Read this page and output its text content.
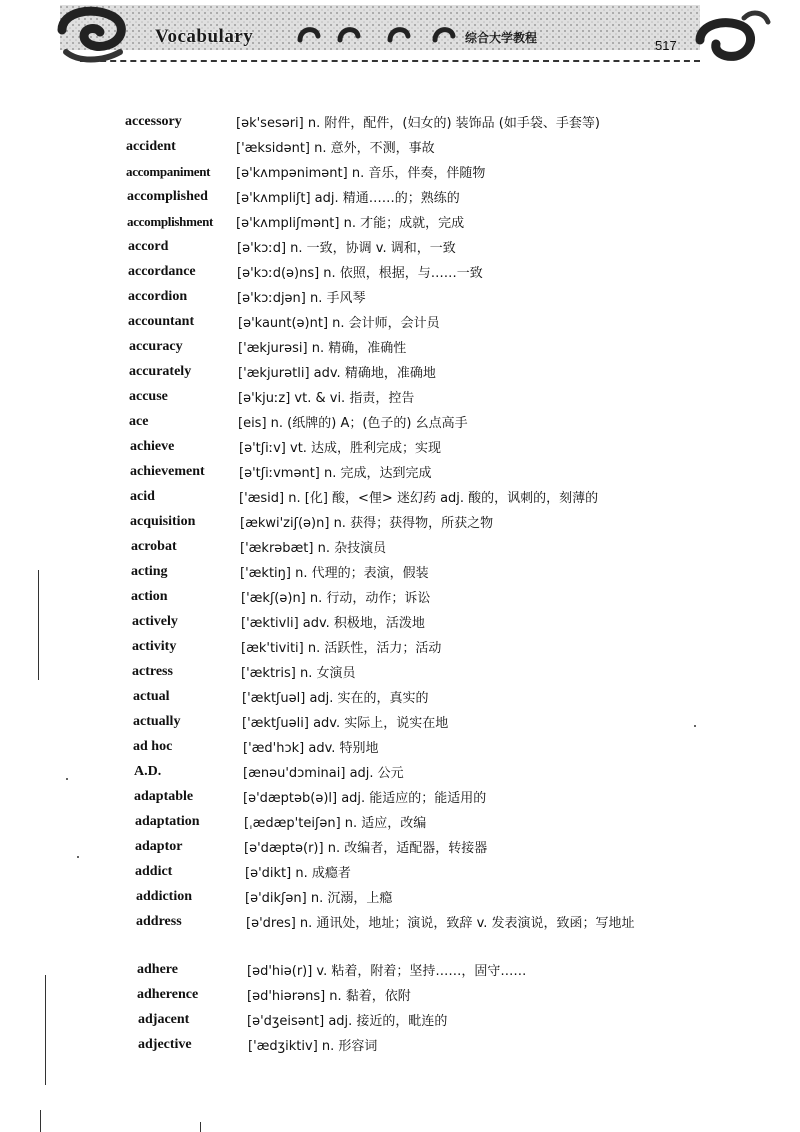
Vocabulary	综合大学教程	517
accessory	[ək'sesəri] n. 附件，配件，(妇女的) 装饰品 (如手袋、手套等)
accident	['æksidənt] n. 意外，不测，事故
accompaniment [ə'kʌmpənimənt] n. 音乐，伴奏，伴随物
accomplished [ə'kʌmpliʃt] adj. 精通……的；熟练的
accomplishment [ə'kʌmpliʃmənt] n. 才能；成就，完成
accord	[ə'kɔːd] n. 一致，协调 v. 调和，一致
accordance	[ə'kɔːd(ə)ns] n. 依照，根据，与……一致
accordion	[ə'kɔːdjən] n. 手风琴
accountant	[ə'kaunt(ə)nt] n. 会计师，会计员
accuracy	['ækjurəsi] n. 精确，准确性
accurately	['ækjurətli] adv. 精确地，准确地
accuse	[ə'kjuːz] vt. & vi. 指责，控告
ace	[eis] n. (纸牌的) A；(色子的) 幺点高手
achieve	[ə'tʃiːv] vt. 达成，胜利完成；实现
achievement	[ə'tʃiːvmənt] n. 完成，达到完成
acid	['æsid] n. [化] 酸，<俚> 迷幻药 adj. 酸的，讽刺的，刻薄的
acquisition	[ækwi'ziʃ(ə)n] n. 获得；获得物，所获之物
acrobat	['ækrəbæt] n. 杂技演员
acting	['æktiŋ] n. 代理的；表演，假装
action	['ækʃ(ə)n] n. 行动，动作；诉讼
actively	['æktivli] adv. 积极地，活泼地
activity	[æk'tiviti] n. 活跃性，活力；活动
actress	['æktris] n. 女演员
actual	['æktʃuəl] adj. 实在的，真实的
actually	['æktʃuəli] adv. 实际上，说实在地
ad hoc	['æd'hɔk] adv. 特别地
A.D.	[ænəu'dɔminai] adj. 公元
adaptable	[ə'dæptəb(ə)l] adj. 能适应的；能适用的
adaptation	[ˌædæp'teiʃən] n. 适应，改编
adaptor	[ə'dæptə(r)] n. 改编者，适配器，转接器
addict	[ə'dikt] n. 成瘾者
addiction	[ə'dikʃən] n. 沉溺，上瘾
address	[ə'dres] n. 通讯处，地址；演说，致辞 v. 发表演说，致函；写地址
adhere	[əd'hiə(r)] v. 粘着，附着；坚持……，固守……
adherence	[əd'hiərəns] n. 黏着，依附
adjacent	[ə'dʒeisənt] adj. 接近的，毗连的
adjective	['ædʒiktiv] n. 形容词
